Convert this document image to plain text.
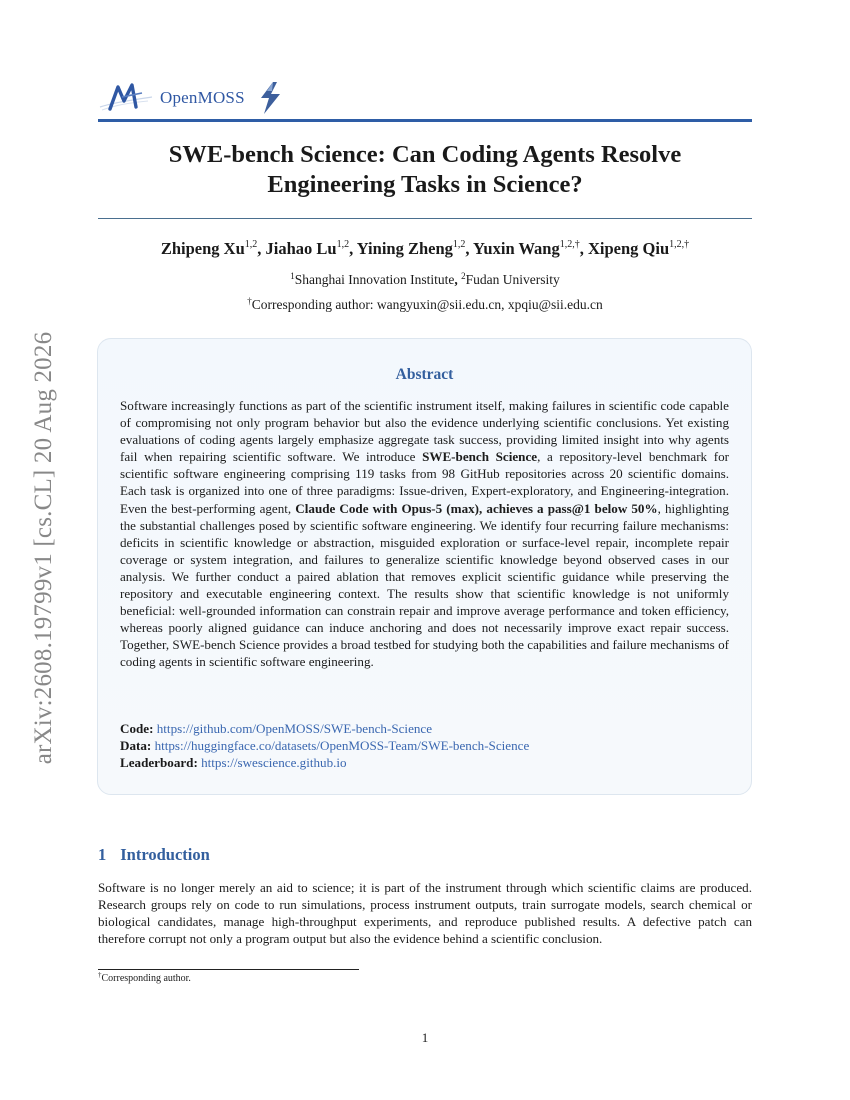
arXiv:2608.19799v1 [cs.CL] 20 Aug 2026
OpenMOSS
SWE-bench Science: Can Coding Agents Resolve
Engineering Tasks in Science?
Zhipeng Xu$^{1,2}$, Jiahao Lu$^{1,2}$, Yining Zheng$^{1,2}$, Yuxin Wang$^{1,2,\dagger}$, Xipeng Qiu$^{1,2,\dagger}$
$^1$Shanghai Innovation Institute, $^2$Fudan University
†Corresponding author: wangyuxin@sii.edu.cn, xpqiu@sii.edu.cn
Abstract
Software increasingly functions as part of the scientific instrument itself, making failures in scientific code capable of compromising not only program behavior but also the evidence underlying scientific conclusions. Yet existing evaluations of coding agents largely emphasize aggregate task success, providing limited insight into why agents fail when repairing scientific software. We introduce SWE-bench Science, a repository-level benchmark for scientific software engineering comprising 119 tasks from 98 GitHub repositories across 20 scientific domains. Each task is organized into one of three paradigms: Issue-driven, Expert-exploratory, and Engineering-integration. Even the best-performing agent, Claude Code with Opus-5 (max), achieves a pass@1 below 50%, highlighting the substantial challenges posed by scientific software engineering. We identify four recurring failure mechanisms: deficits in scientific knowledge or abstraction, misguided exploration or surface-level repair, incomplete repair coverage or system integration, and failures to generalize scientific knowledge beyond observed cases in our analysis. We further conduct a paired ablation that removes explicit scientific guidance while preserving the repository and executable engineering context. The results show that scientific knowledge is not uniformly beneficial: well-grounded information can constrain repair and improve average performance and token efficiency, whereas poorly aligned guidance can induce anchoring and does not necessarily improve exact repair success. Together, SWE-bench Science provides a broad testbed for studying both the capabilities and failure mechanisms of coding agents in scientific software engineering.
Code: https://github.com/OpenMOSS/SWE-bench-Science
Data: https://huggingface.co/datasets/OpenMOSS-Team/SWE-bench-Science
Leaderboard: https://swescience.github.io
1 Introduction
Software is no longer merely an aid to science; it is part of the instrument through which scientific claims are produced. Research groups rely on code to run simulations, process instrument outputs, train surrogate models, search chemical or biological candidates, manage high-throughput experiments, and reproduce published results. A defective patch can therefore corrupt not only a program output but also the evidence behind a scientific conclusion.
†Corresponding author.
1
